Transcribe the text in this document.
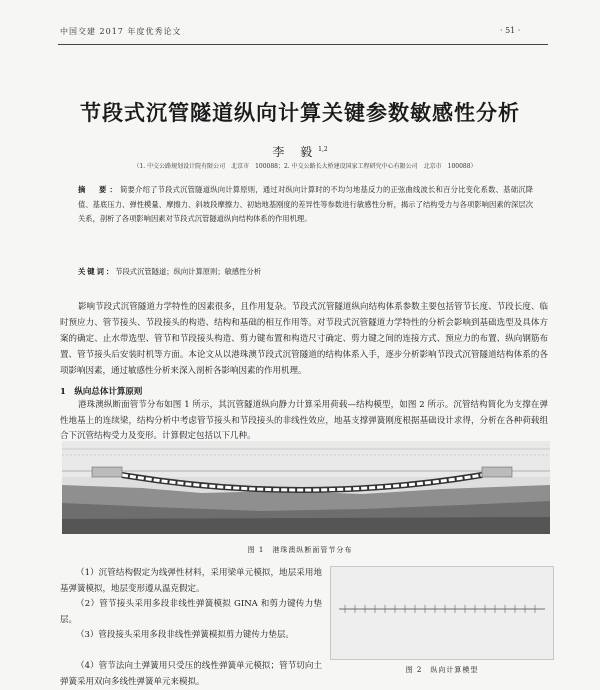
中国交建 2017 年度优秀论文	· 51 ·
节段式沉管隧道纵向计算关键参数敏感性分析
李 毅$^{1,2}$
（1. 中交公路规划设计院有限公司　北京市　100088；2. 中交公路长大桥建设国家工程研究中心有限公司　北京市　100088）
摘　要：简要介绍了节段式沉管隧道纵向计算原则，通过对纵向计算时的不均匀地基反力的正弦曲线波长和百分比变化系数、基础沉降值、基底压力、弹性模量、摩擦力、斜坡段摩擦力、初始地基刚度的差异性等参数进行敏感性分析，揭示了结构受力与各项影响因素的深层次关系，剖析了各项影响因素对节段式沉管隧道纵向结构体系的作用机理。
关键词：节段式沉管隧道；纵向计算原则；敏感性分析
影响节段式沉管隧道力学特性的因素很多，且作用复杂。节段式沉管隧道纵向结构体系参数主要包括管节长度、节段长度、临时预应力、管节接头、节段接头的构造、结构和基础的相互作用等。对节段式沉管隧道力学特性的分析会影响到基础选型及具体方案的确定、止水带选型、管节和节段接头构造、剪力键布置和构造尺寸确定、剪力键之间的连接方式、预应力的布置、纵向钢筋布置、管节接头后安装时机等方面。本论文从以港珠澳节段式沉管隧道的结构体系入手，逐步分析影响节段式沉管隧道结构体系的各项影响因素，通过敏感性分析来深入剖析各影响因素的作用机理。
1　纵向总体计算原则
港珠澳纵断面管节分布如图 1 所示，其沉管隧道纵向静力计算采用荷载—结构模型，如图 2 所示。沉管结构简化为支撑在弹性地基上的连续梁，结构分析中考虑管节接头和节段接头的非线性效应，地基支撑弹簧刚度根据基础设计求得，分析在各种荷载组合下沉管结构受力及变形。计算假定包括以下几种。
图 1　港珠澳纵断面管节分布
（1）沉管结构假定为线弹性材料，采用梁单元模拟，地层采用地基弹簧模拟，地层变形遵从温克假定。
（2）管节接头采用多段非线性弹簧模拟 GINA 和剪力键传力垫层。
（3）管段接头采用多段非线性弹簧模拟剪力键传力垫层。
（4）管节法向土弹簧用只受压的线性弹簧单元模拟；管节切向土弹簧采用双向多线性弹簧单元来模拟。
图 2　纵向计算模型
